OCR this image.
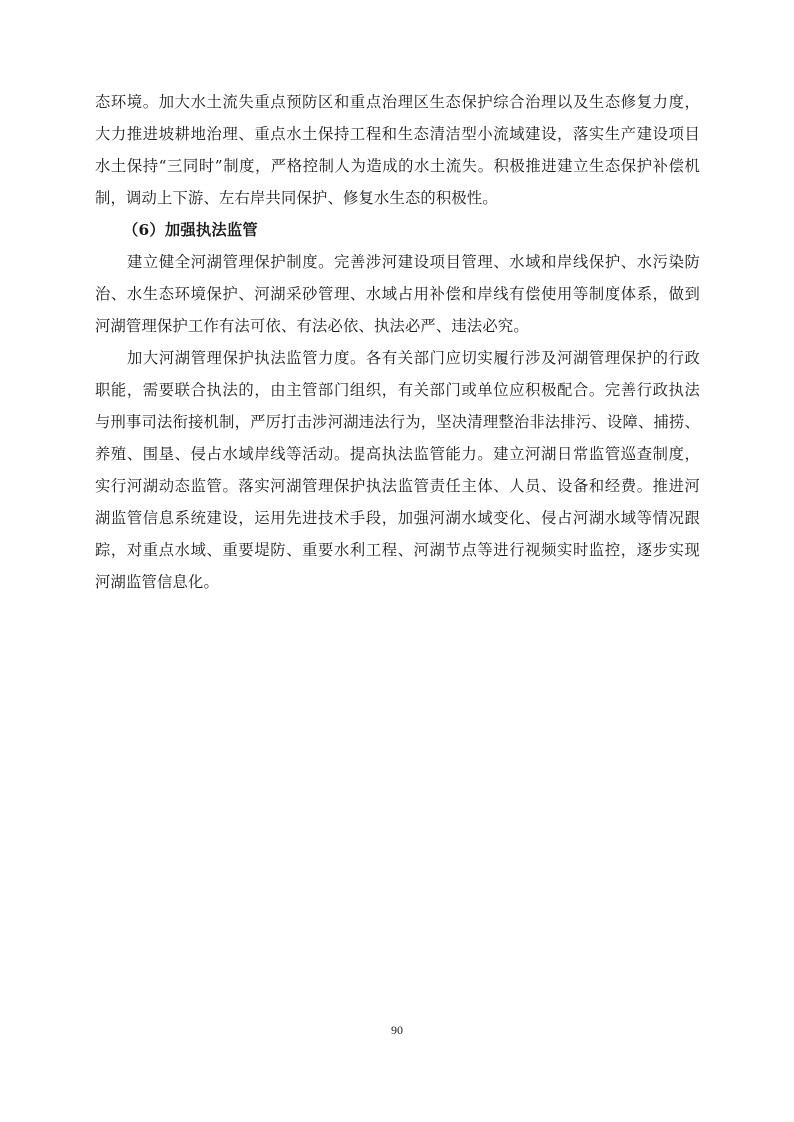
态环境。加大水土流失重点预防区和重点治理区生态保护综合治理以及生态修复力度，
大力推进坡耕地治理、重点水土保持工程和生态清洁型小流域建设，落实生产建设项目
水土保持“三同时”制度，严格控制人为造成的水土流失。积极推进建立生态保护补偿机
制，调动上下游、左右岸共同保护、修复水生态的积极性。
（6）加强执法监管
建立健全河湖管理保护制度。完善涉河建设项目管理、水域和岸线保护、水污染防
治、水生态环境保护、河湖采砂管理、水域占用补偿和岸线有偿使用等制度体系，做到
河湖管理保护工作有法可依、有法必依、执法必严、违法必究。
加大河湖管理保护执法监管力度。各有关部门应切实履行涉及河湖管理保护的行政
职能，需要联合执法的，由主管部门组织，有关部门或单位应积极配合。完善行政执法
与刑事司法衔接机制，严厉打击涉河湖违法行为，坚决清理整治非法排污、设障、捕捞、
养殖、围垦、侵占水域岸线等活动。提高执法监管能力。建立河湖日常监管巡查制度，
实行河湖动态监管。落实河湖管理保护执法监管责任主体、人员、设备和经费。推进河
湖监管信息系统建设，运用先进技术手段，加强河湖水域变化、侵占河湖水域等情况跟
踪，对重点水域、重要堤防、重要水利工程、河湖节点等进行视频实时监控，逐步实现
河湖监管信息化。
90
